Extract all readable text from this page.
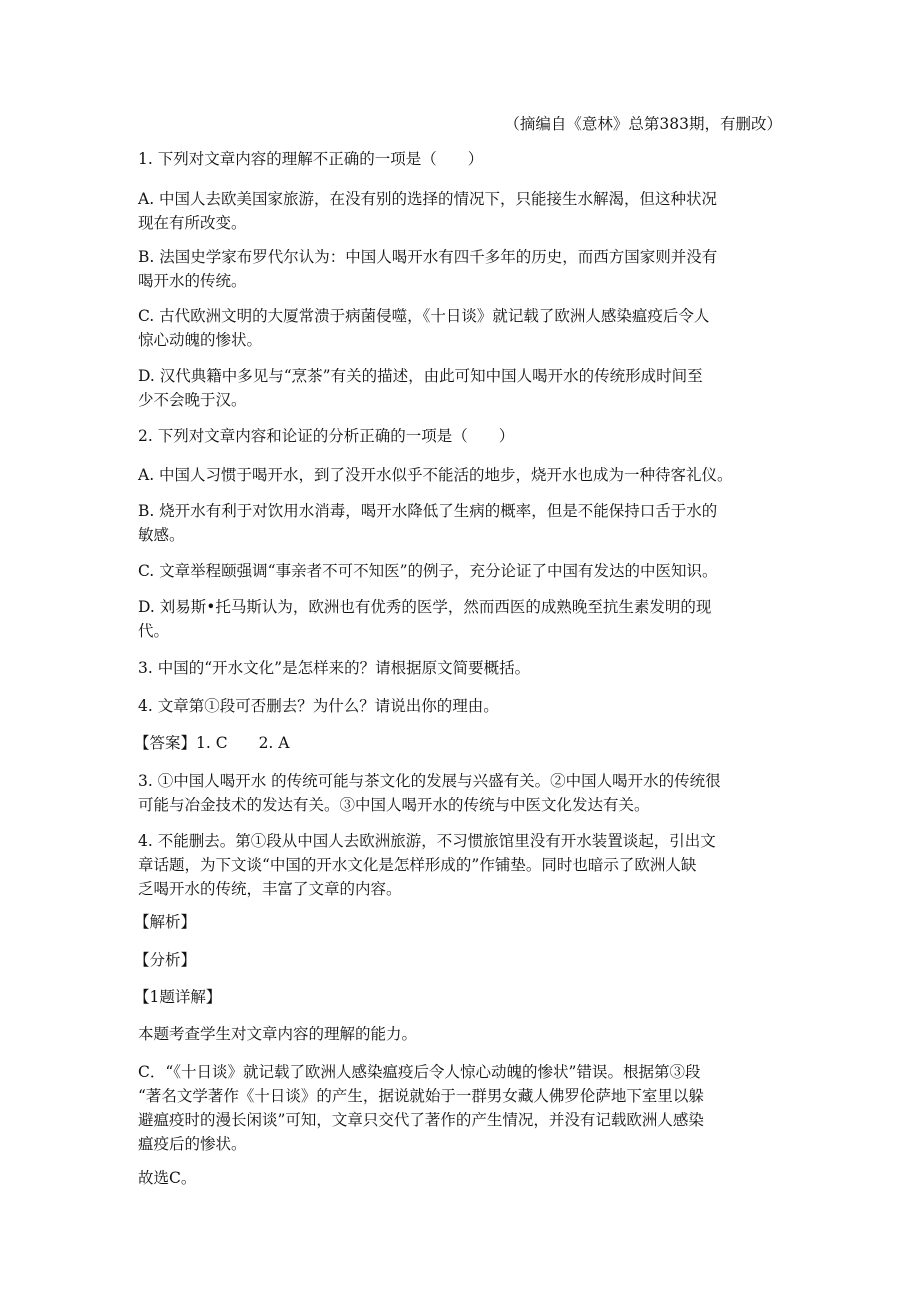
（摘编自《意林》总第383期，有删改）
1. 下列对文章内容的理解不正确的一项是（　　）
A. 中国人去欧美国家旅游，在没有别的选择的情况下，只能接生水解渴，但这种状况
现在有所改变。
B. 法国史学家布罗代尔认为：中国人喝开水有四千多年的历史，而西方国家则并没有
喝开水的传统。
C. 古代欧洲文明的大厦常溃于病菌侵噬，《十日谈》就记载了欧洲人感染瘟疫后令人
惊心动魄的惨状。
D. 汉代典籍中多见与“烹茶”有关的描述，由此可知中国人喝开水的传统形成时间至
少不会晚于汉。
2. 下列对文章内容和论证的分析正确的一项是（　　）
A. 中国人习惯于喝开水，到了没开水似乎不能活的地步，烧开水也成为一种待客礼仪。
B. 烧开水有利于对饮用水消毒，喝开水降低了生病的概率，但是不能保持口舌于水的
敏感。
C. 文章举程颐强调“事亲者不可不知医”的例子，充分论证了中国有发达的中医知识。
D. 刘易斯•托马斯认为，欧洲也有优秀的医学，然而西医的成熟晚至抗生素发明的现
代。
3. 中国的“开水文化”是怎样来的？请根据原文简要概括。
4. 文章第①段可否删去？为什么？请说出你的理由。
【答案】1. C　　2. A
3. ①中国人喝开水 的传统可能与茶文化的发展与兴盛有关。②中国人喝开水的传统很
可能与冶金技术的发达有关。③中国人喝开水的传统与中医文化发达有关。
4. 不能删去。第①段从中国人去欧洲旅游，不习惯旅馆里没有开水装置谈起，引出文
章话题，为下文谈“中国的开水文化是怎样形成的”作铺垫。同时也暗示了欧洲人缺
乏喝开水的传统，丰富了文章的内容。
【解析】
【分析】
【1题详解】
本题考查学生对文章内容的理解的能力。
C．“《十日谈》就记载了欧洲人感染瘟疫后令人惊心动魄的惨状”错误。根据第③段
“著名文学著作《十日谈》的产生，据说就始于一群男女藏人佛罗伦萨地下室里以躲
避瘟疫时的漫长闲谈”可知，文章只交代了著作的产生情况，并没有记载欧洲人感染
瘟疫后的惨状。
故选C。
